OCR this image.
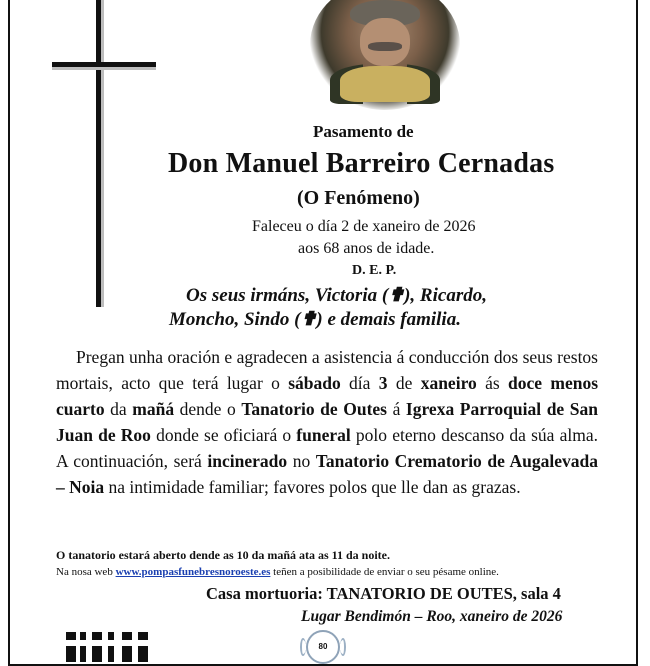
Pasamento de
Don Manuel Barreiro Cernadas
(O Fenómeno)
Faleceu o día 2 de xaneiro de 2026
aos 68 anos de idade.
D. E. P.
Os seus irmáns, Victoria (✟), Ricardo,
Moncho, Sindo (✟) e demais familia.
Pregan unha oración e agradecen a asistencia á conducción dos seus restos mortais, acto que terá lugar o sábado día 3 de xaneiro ás doce menos cuarto da mañá dende o Tanatorio de Outes á Igrexa Parroquial de San Juan de Roo donde se oficiará o funeral polo eterno descanso da súa alma. A continuación, será incinerado no Tanatorio Crematorio de Augalevada – Noia na intimidade familiar; favores polos que lle dan as grazas.
O tanatorio estará aberto dende as 10 da mañá ata as 11 da noite.
Na nosa web www.pompasfunebresnoroeste.es teñen a posibilidade de enviar o seu pésame online.
Casa mortuoria: TANATORIO DE OUTES, sala 4
Lugar Bendimón – Roo, xaneiro de 2026
80
